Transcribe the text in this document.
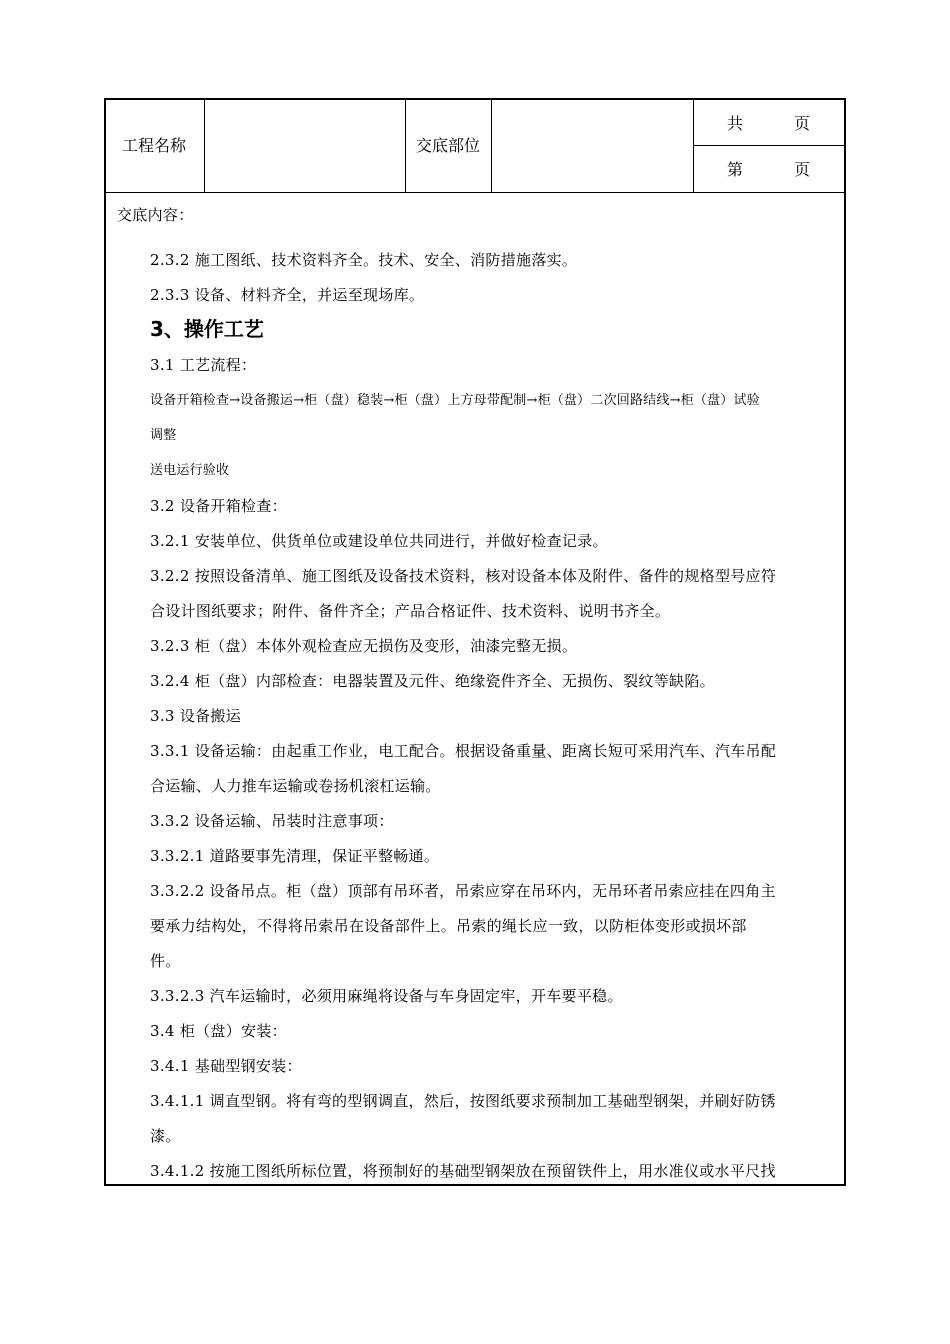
工程名称	交底部位
共	页
第	页
交底内容：
2.3.2 施工图纸、技术资料齐全。技术、安全、消防措施落实。
2.3.3 设备、材料齐全，并运至现场库。
3、操作工艺
3.1 工艺流程：
设备开箱检查→设备搬运→柜（盘）稳装→柜（盘）上方母带配制→柜（盘）二次回路结线→柜（盘）试验
调整
送电运行验收
3.2 设备开箱检查：
3.2.1 安装单位、供货单位或建设单位共同进行，并做好检查记录。
3.2.2 按照设备清单、施工图纸及设备技术资料，核对设备本体及附件、备件的规格型号应符
合设计图纸要求；附件、备件齐全；产品合格证件、技术资料、说明书齐全。
3.2.3 柜（盘）本体外观检查应无损伤及变形，油漆完整无损。
3.2.4 柜（盘）内部检查：电器装置及元件、绝缘瓷件齐全、无损伤、裂纹等缺陷。
3.3 设备搬运
3.3.1 设备运输：由起重工作业，电工配合。根据设备重量、距离长短可采用汽车、汽车吊配
合运输、人力推车运输或卷扬机滚杠运输。
3.3.2 设备运输、吊装时注意事项：
3.3.2.1 道路要事先清理，保证平整畅通。
3.3.2.2 设备吊点。柜（盘）顶部有吊环者，吊索应穿在吊环内，无吊环者吊索应挂在四角主
要承力结构处，不得将吊索吊在设备部件上。吊索的绳长应一致，以防柜体变形或损坏部
件。
3.3.2.3 汽车运输时，必须用麻绳将设备与车身固定牢，开车要平稳。
3.4 柜（盘）安装：
3.4.1 基础型钢安装：
3.4.1.1 调直型钢。将有弯的型钢调直，然后，按图纸要求预制加工基础型钢架，并刷好防锈
漆。
3.4.1.2 按施工图纸所标位置，将预制好的基础型钢架放在预留铁件上，用水准仪或水平尺找
